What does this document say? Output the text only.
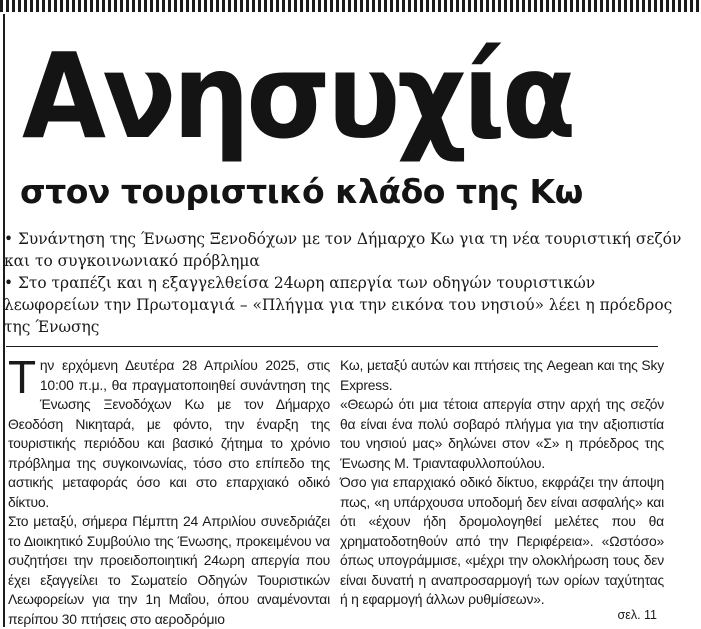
Ανησυχία
στον τουριστικό κλάδο της Κω
• Συνάντηση της Ένωσης Ξενοδόχων με τον Δήμαρχο Κω για τη νέα τουριστική σεζόν και το συγκοινωνιακό πρόβλημα
• Στο τραπέζι και η εξαγγελθείσα 24ωρη απεργία των οδηγών τουριστικών λεωφορείων την Πρωτομαγιά – «Πλήγμα για την εικόνα του νησιού» λέει η πρόεδρος της Ένωσης

Την ερχόμενη Δευτέρα 28 Απριλίου 2025, στις 10:00 π.μ., θα πραγματοποιηθεί συνάντηση της Ένωσης Ξενοδόχων Κω με τον Δήμαρχο Θεοδόση Νικηταρά, με φόντο, την έναρξη της τουριστικής περιόδου και βασικό ζήτημα το χρόνιο πρόβλημα της συγκοινωνίας, τόσο στο επίπεδο της αστικής μεταφοράς όσο και στο επαρχιακό οδικό δίκτυο.

Στο μεταξύ, σήμερα Πέμπτη 24 Απριλίου συνεδριάζει το Διοικητικό Συμβούλιο της Ένωσης, προκειμένου να συζητήσει την προειδοποιητική 24ωρη απεργία που έχει εξαγγείλει το Σωματείο Οδηγών Τουριστικών Λεωφορείων για την 1η Μαΐου, όπου αναμένονται περίπου 30 πτήσεις στο αεροδρόμιο

Κω, μεταξύ αυτών και πτήσεις της Aegean και της Sky Express.

«Θεωρώ ότι μια τέτοια απεργία στην αρχή της σεζόν θα είναι ένα πολύ σοβαρό πλήγμα για την αξιοπιστία του νησιού μας» δηλώνει στον «Σ» η πρόεδρος της Ένωσης Μ. Τριανταφυλλοπούλου.

Όσο για επαρχιακό οδικό δίκτυο, εκφράζει την άποψη πως, «η υπάρχουσα υποδομή δεν είναι ασφαλής» και ότι «έχουν ήδη δρομολογηθεί μελέτες που θα χρηματοδοτηθούν από την Περιφέρεια». «Ωστόσο» όπως υπογράμμισε, «μέχρι την ολοκλήρωση τους δεν είναι δυνατή η αναπροσαρμογή των ορίων ταχύτητας ή η εφαρμογή άλλων ρυθμίσεων».

σελ. 11
